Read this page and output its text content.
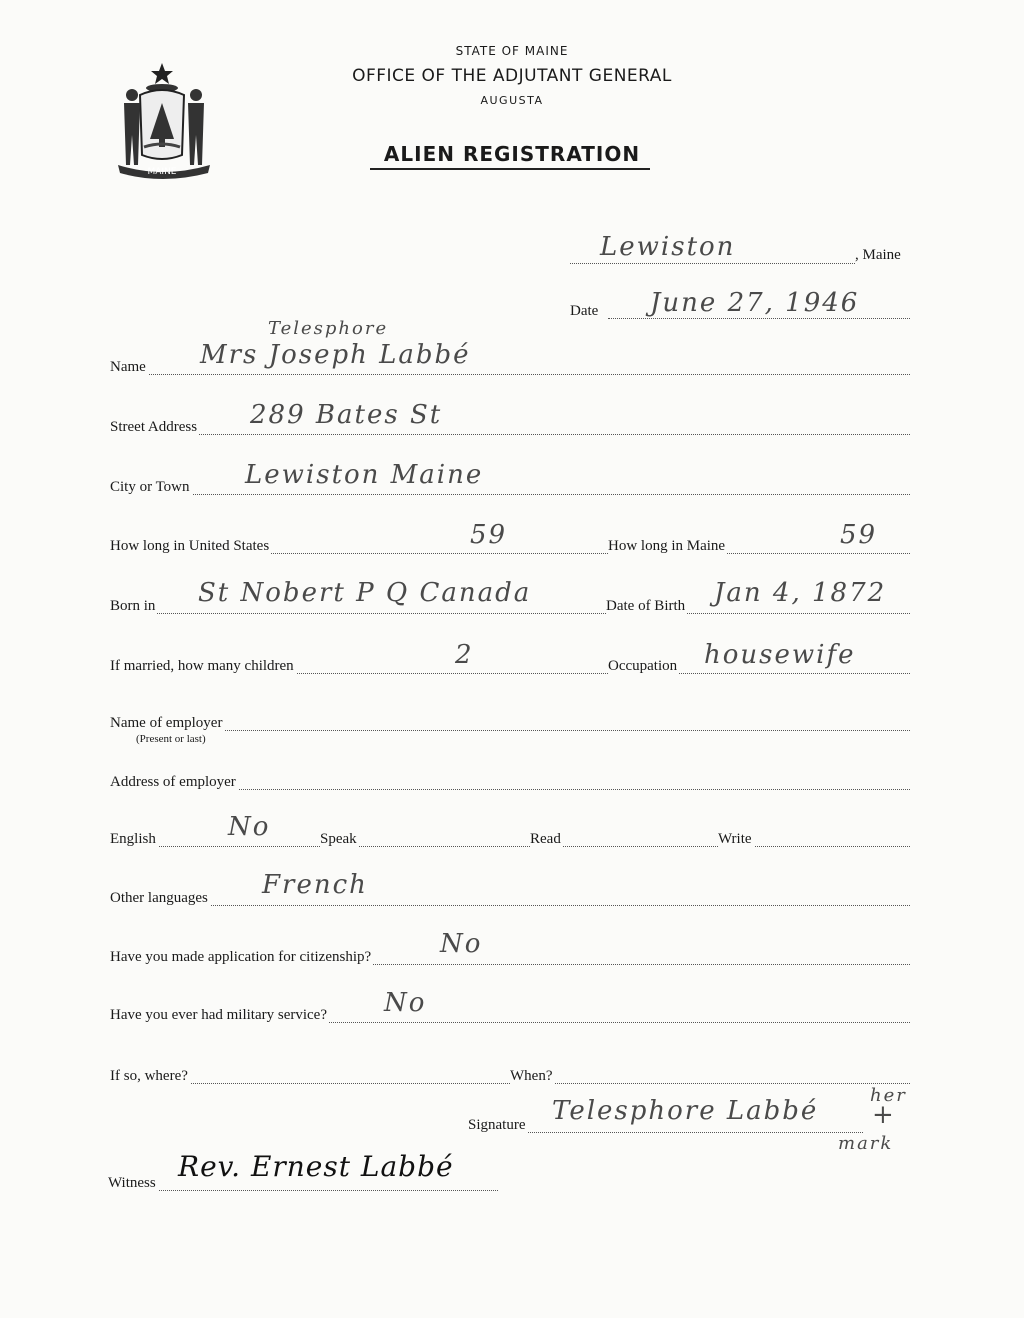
MAINE
STATE OF MAINE
OFFICE OF THE ADJUTANT GENERAL
AUGUSTA
ALIEN REGISTRATION
Lewiston	, Maine
Date June 27, 1946
Telesphore
Name Mrs Joseph Labbé
Street Address 289 Bates St
City or Town Lewiston Maine
How long in United States	59	How long in Maine	59
Born in St Nobert P Q Canada	Date of Birth Jan 4, 1872
If married, how many children	2	Occupation housewife
Name of employer
(Present or last)
Address of employer
English	No	Speak	Read	Write
Other languages French
Have you made application for citizenship?	No
Have you ever had military service? No
If so, where?	When?
Signature Telesphore Labbé
her
+
mark
Witness Rev. Ernest Labbé
